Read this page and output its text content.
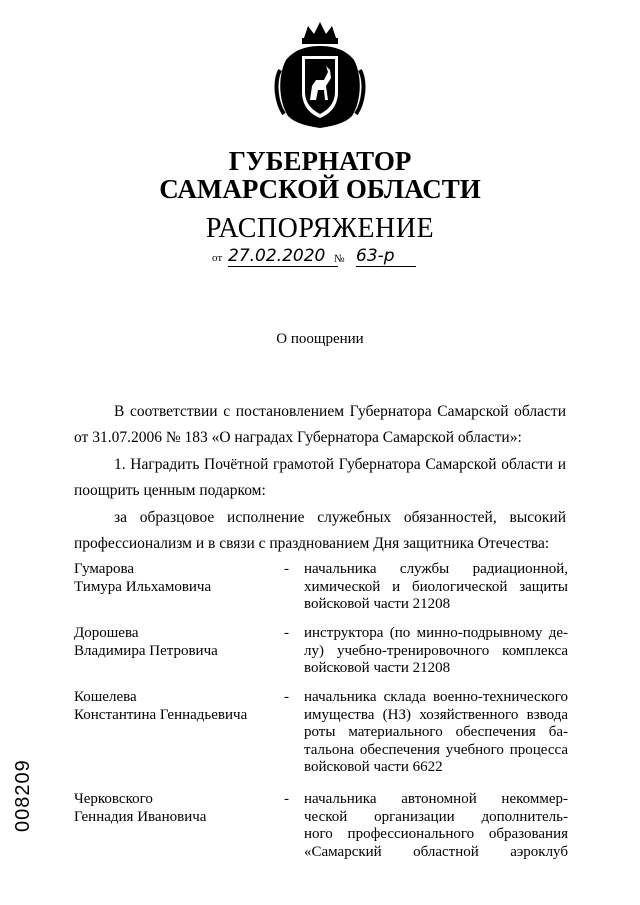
ГУБЕРНАТОР
САМАРСКОЙ ОБЛАСТИ
РАСПОРЯЖЕНИЕ
от 27.02.2020 № 63-р
О поощрении
В соответствии с постановлением Губернатора Самарской области
от 31.07.2006 № 183 «О наградах Губернатора Самарской области»:
1. Наградить Почётной грамотой Губернатора Самарской области и
поощрить ценным подарком:
за образцовое исполнение служебных обязанностей, высокий
профессионализм и в связи с празднованием Дня защитника Отечества:
Гумарова
Тимура Ильхамовича
-	начальника службы радиационной,
химической и биологической защиты
войсковой части 21208
Дорошева
Владимира Петровича
-	инструктора (по минно-подрывному де-
лу) учебно-тренировочного комплекса
войсковой части 21208
Кошелева
Константина Геннадьевича
-	начальника склада военно-технического
имущества (НЗ) хозяйственного взвода
роты материального обеспечения ба-
тальона обеспечения учебного процесса
войсковой части 6622
Черковского
Геннадия Ивановича
-	начальника автономной некоммер-
ческой организации дополнитель-
ного профессионального образования
«Самарский областной аэроклуб
008209
